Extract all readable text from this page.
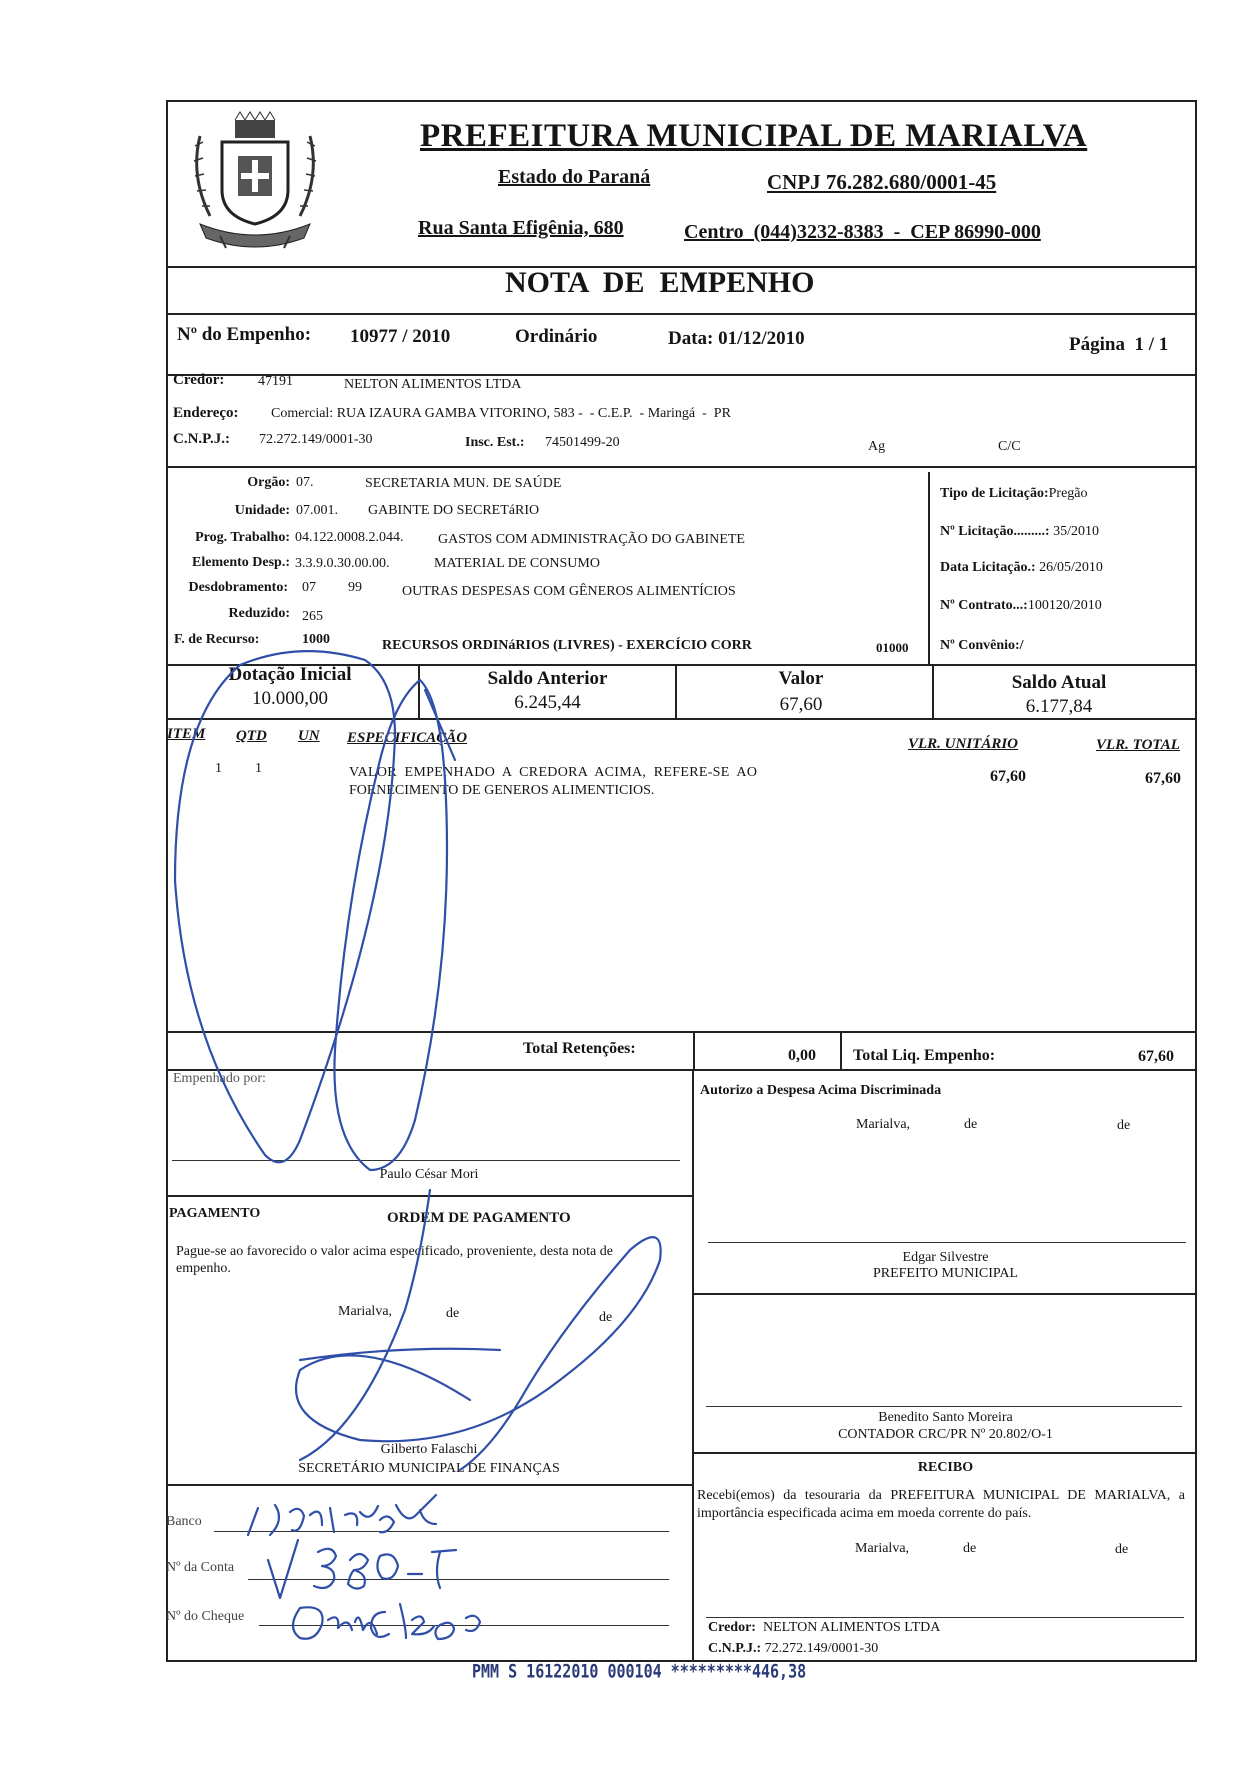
PREFEITURA MUNICIPAL DE MARIALVA
Estado do Paraná	CNPJ 76.282.680/0001-45
Rua Santa Efigênia, 680	Centro  (044)3232-8383  -  CEP 86990-000
NOTA  DE  EMPENHO
Nº do Empenho: 10977 / 2010	Ordinário	Data: 01/12/2010	Página  1 / 1
Credor: 47191	NELTON ALIMENTOS LTDA
Endereço: Comercial: RUA IZAURA GAMBA VITORINO, 583 -  - C.E.P.  - Maringá  -  PR
C.N.P.J.: 72.272.149/0001-30	Insc. Est.: 74501499-20	Ag	C/C
Orgão: 07.	SECRETARIA MUN. DE SAÚDE
Unidade: 07.001. GABINTE DO SECRETáRIO
Prog. Trabalho: 04.122.0008.2.044. GASTOS COM ADMINISTRAÇÃO DO GABINETE
Elemento Desp.: 3.3.9.0.30.00.00.	MATERIAL DE CONSUMO
Desdobramento: 07 99	OUTRAS DESPESAS COM GÊNEROS ALIMENTÍCIOS
Reduzido: 265
F. de Recurso:	1000	RECURSOS ORDINáRIOS (LIVRES) - EXERCÍCIO CORR	01000
Tipo de Licitação:Pregão
Nº Licitação.........: 35/2010
Data Licitação.: 26/05/2010
Nº Contrato...:100120/2010
Nº Convênio:/
Dotação Inicial
10.000,00
Saldo Anterior
6.245,44
Valor
67,60
Saldo Atual
6.177,84
ITEM QTD UN ESPECIFICAÇÃO	VLR. UNITÁRIO	VLR. TOTAL
1 1	VALOR  EMPENHADO  A  CREDORA  ACIMA,  REFERE-SE  AO
FORNECIMENTO DE GENEROS ALIMENTICIOS.
67,60	67,60
Total Retenções:	0,00 Total Liq. Empenho:	67,60
Empenhado por:
Paulo César Mori
Autorizo a Despesa Acima Discriminada
Marialva,	de	de
Edgar Silvestre
PREFEITO MUNICIPAL
Benedito Santo Moreira
CONTADOR CRC/PR Nº 20.802/O-1
PAGAMENTO	ORDEM DE PAGAMENTO
Pague-se ao favorecido o valor acima especificado, proveniente, desta nota de empenho.
Marialva,	de	de
Gilberto Falaschi
SECRETÁRIO MUNICIPAL DE FINANÇAS
Banco
Nº da Conta
Nº do Cheque
RECIBO
Recebi(emos) da tesouraria da PREFEITURA MUNICIPAL DE MARIALVA, a importância especificada acima em moeda corrente do país.
Marialva,	de	de
Credor: NELTON ALIMENTOS LTDA
C.N.P.J.: 72.272.149/0001-30
PMM S 16122010 000104 *********446,38
